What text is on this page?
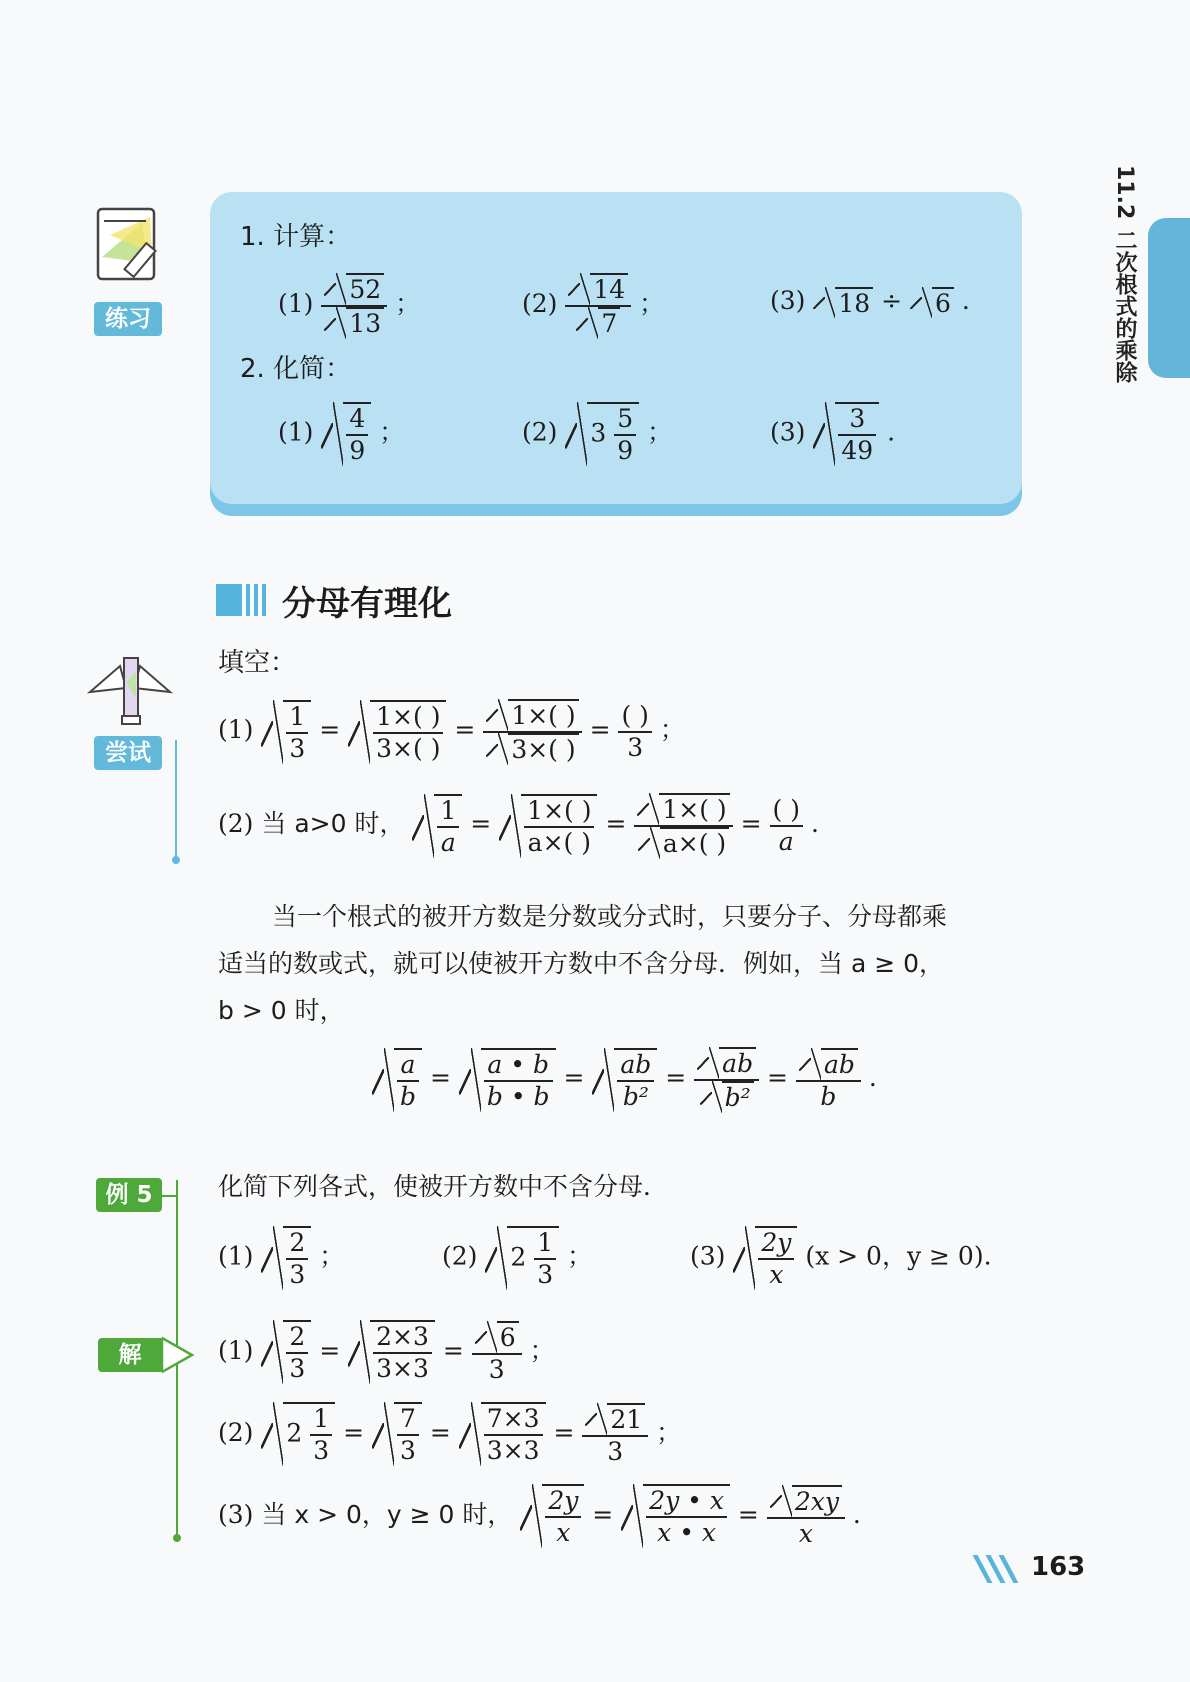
11.2
二次根式的乘除
练习
1. 计算：
$(1) \frac{52}{13}$ ；	$(2) \frac{14}{7}$ ；	(3) 18 ÷ 6 .
2. 化简：
$(1) \frac{4}{9}$ ；	(2) $3 \frac{5}{9}$ ；	$(3) \frac{3}{49}$ .
分母有理化
尝试
填空：
$(1) \frac{1}{3} = \frac{1\times( )}{3\times( )} = \frac{1\times( )}{3\times( )} = \frac{( )}{3}$ ；
(2) 当 a>0 时， $\frac{1}{a} = \frac{1\times( )}{a\times( )} = \frac{1\times( )}{a\times( )} = \frac{( )}{a}$ .
当一个根式的被开方数是分数或分式时，只要分子、分母都乘
适当的数或式，就可以使被开方数中不含分母．例如，当 a ≥ 0，
b > 0 时，
$\frac{a}{b} = \frac{a • b}{b • b} = \frac{ab}{\text{b²}} = \frac{ab}{\text{b²}} = \frac{ab}{b}$ .
例 5	化简下列各式，使被开方数中不含分母．
$(1) \frac{2}{3}$ ；	(2) $2 \frac{1}{3}$ ；	$(3) \frac{2y}{x} (x > 0$，y ≥ 0).
解	$(1) \frac{2}{3} = \frac{2\times 3}{3\times 3} = \frac{6}{3}$ ；
(2) $2 \frac{1}{3} = \frac{7}{3} = \frac{7\times 3}{3\times 3} = \frac{21}{3}$ ；
(3) 当 x > 0，y ≥ 0 时， $\frac{2y}{x} = \frac{2y • x}{x • x} = \frac{2xy}{x}$ .
163
